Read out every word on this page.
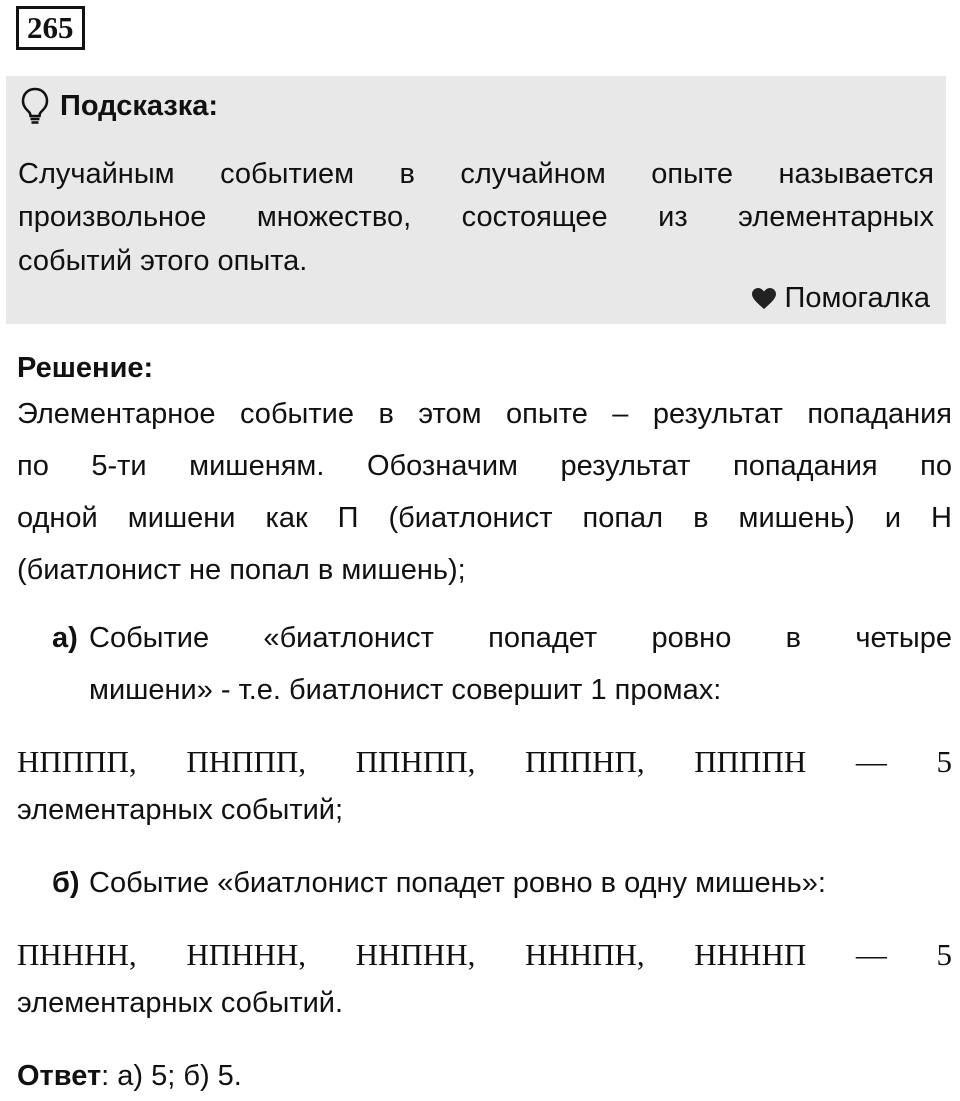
265
Подсказка:

Случайным событием в случайном опыте называется

произвольное множество, состоящее из элементарных

событий этого опыта.

Помогалка

Решение:

Элементарное событие в этом опыте – результат попадания

по 5-ти мишеням. Обозначим результат попадания по

одной мишени как П (биатлонист попал в мишень) и Н

(биатлонист не попал в мишень);

а) Событие «биатлонист попадет ровно в четыре

мишени» - т.е. биатлонист совершит 1 промах:

НПППП, ПНППП, ППНПП, ПППНП, ППППН — 5

элементарных событий;

б) Событие «биатлонист попадет ровно в одну мишень»:

ПНННН, НПННН, ННПНН, НННПН, ННННП — 5

элементарных событий.

Ответ: а) 5; б) 5.
